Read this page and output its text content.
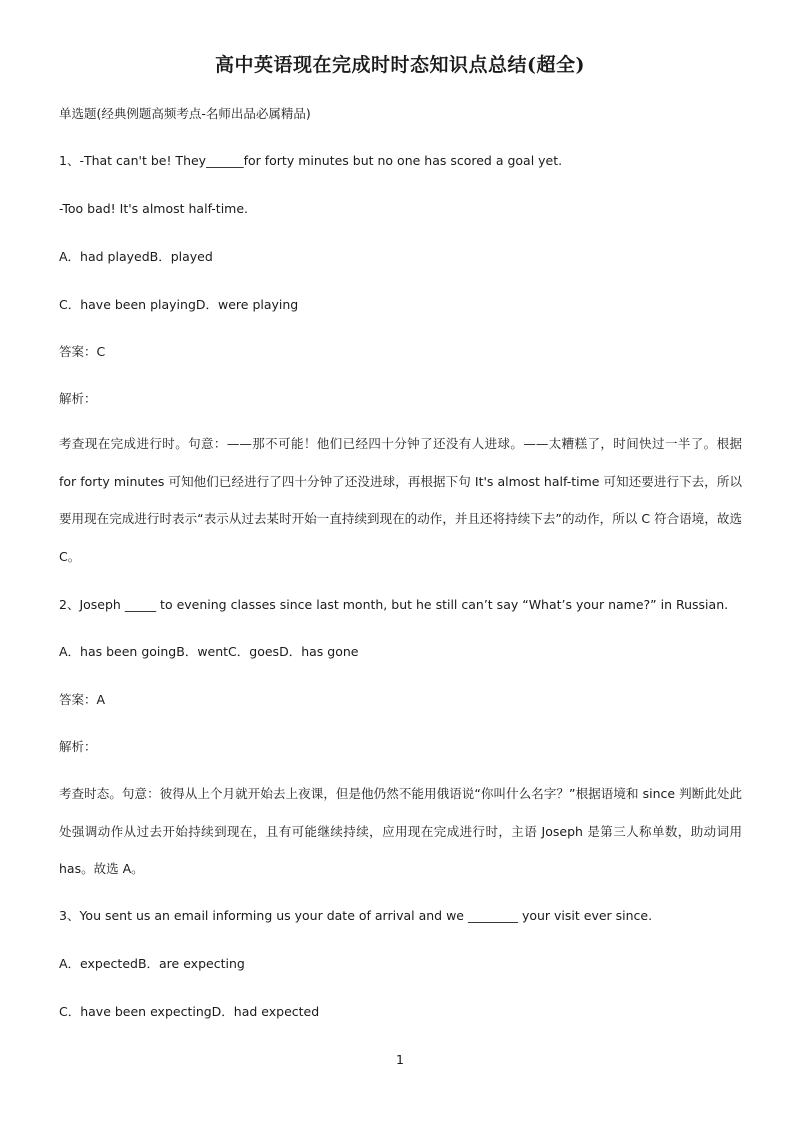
高中英语现在完成时时态知识点总结(超全)
单选题(经典例题高频考点-名师出品必属精品)
1、-That can't be! They______for forty minutes but no one has scored a goal yet.
-Too bad! It's almost half-time.
A．had playedB．played
C．have been playingD．were playing
答案：C
解析：
考查现在完成进行时。句意：——那不可能！他们已经四十分钟了还没有人进球。——太糟糕了，时间快过一半了。根据 for forty minutes 可知他们已经进行了四十分钟了还没进球，再根据下句 It's almost half-time 可知还要进行下去，所以要用现在完成进行时表示“表示从过去某时开始一直持续到现在的动作，并且还将持续下去”的动作，所以 C 符合语境，故选 C。
2、Joseph _____ to evening classes since last month, but he still can’t say “What’s your name?” in Russian.
A．has been goingB．wentC．goesD．has gone
答案：A
解析：
考查时态。句意：彼得从上个月就开始去上夜课，但是他仍然不能用俄语说“你叫什么名字？”根据语境和 since 判断此处此处强调动作从过去开始持续到现在，且有可能继续持续，应用现在完成进行时，主语 Joseph 是第三人称单数，助动词用 has。故选 A。
3、You sent us an email informing us your date of arrival and we ________ your visit ever since.
A．expectedB．are expecting
C．have been expectingD．had expected
1
